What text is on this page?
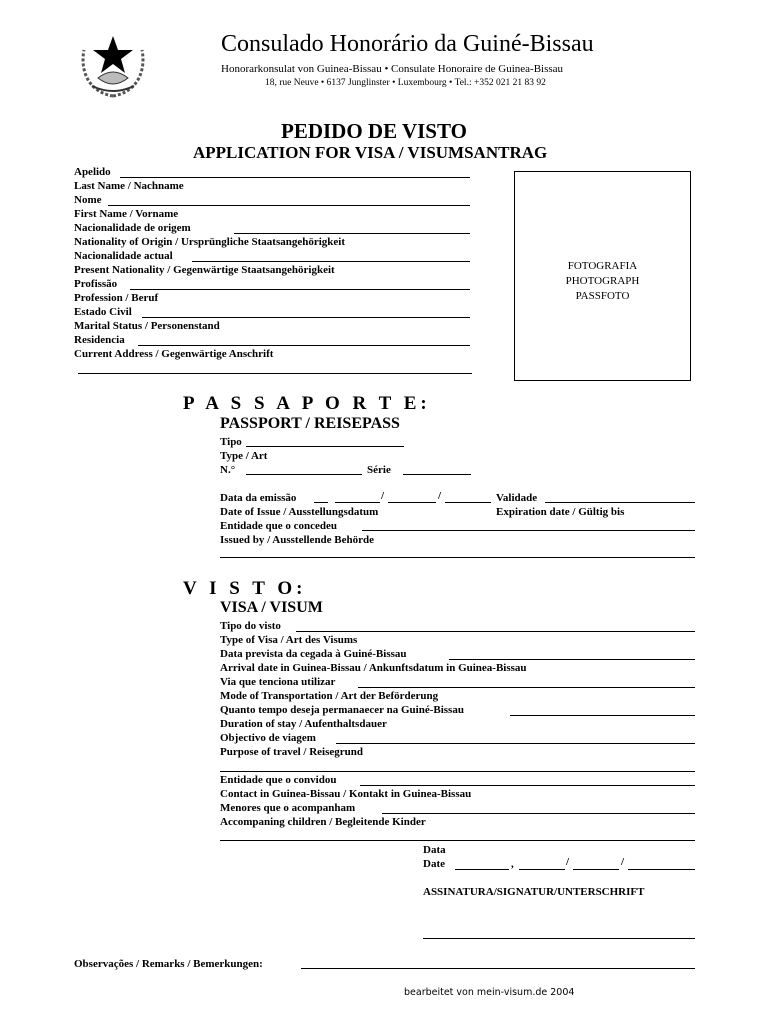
Consulado Honorário da Guiné-Bissau
Honorarkonsulat von Guinea-Bissau • Consulate Honoraire de Guinea-Bissau
18, rue Neuve • 6137 Junglinster • Luxembourg • Tel.: +352 021 21 83 92
PEDIDO DE VISTO
APPLICATION FOR VISA / VISUMSANTRAG
Apelido
Last Name / Nachname
Nome
First Name / Vorname
Nacionalidade de origem
Nationality of Origin / Ursprüngliche Staatsangehörigkeit
Nacionalidade actual
Present Nationality / Gegenwärtige Staatsangehörigkeit
Profissão
Profession / Beruf
Estado Civil
Marital Status / Personenstand
Residencia
Current Address / Gegenwärtige Anschrift
FOTOGRAFIA
PHOTOGRAPH
PASSFOTO
P A S S A P O R T E:
PASSPORT / REISEPASS
Tipo
Type / Art
N.°	Série
Data da emissão	/	/	Validade
Date of Issue / Ausstellungsdatum	Expiration date / Gültig bis
Entidade que o concedeu
Issued by / Ausstellende Behörde
V I S T O:
VISA / VISUM
Tipo do visto
Type of Visa / Art des Visums
Data prevista da cegada à Guiné-Bissau
Arrival date in Guinea-Bissau / Ankunftsdatum in Guinea-Bissau
Via que tenciona utilizar
Mode of Transportation / Art der Beförderung
Quanto tempo deseja permanaecer na Guiné-Bissau
Duration of stay / Aufenthaltsdauer
Objectivo de viagem
Purpose of travel / Reisegrund
Entidade que o convidou
Contact in Guinea-Bissau / Kontakt in Guinea-Bissau
Menores que o acompanham
Accompaning children / Begleitende Kinder
Data
Date	,	/	/
ASSINATURA/SIGNATUR/UNTERSCHRIFT
Observações / Remarks / Bemerkungen:
bearbeitet von mein-visum.de 2004
